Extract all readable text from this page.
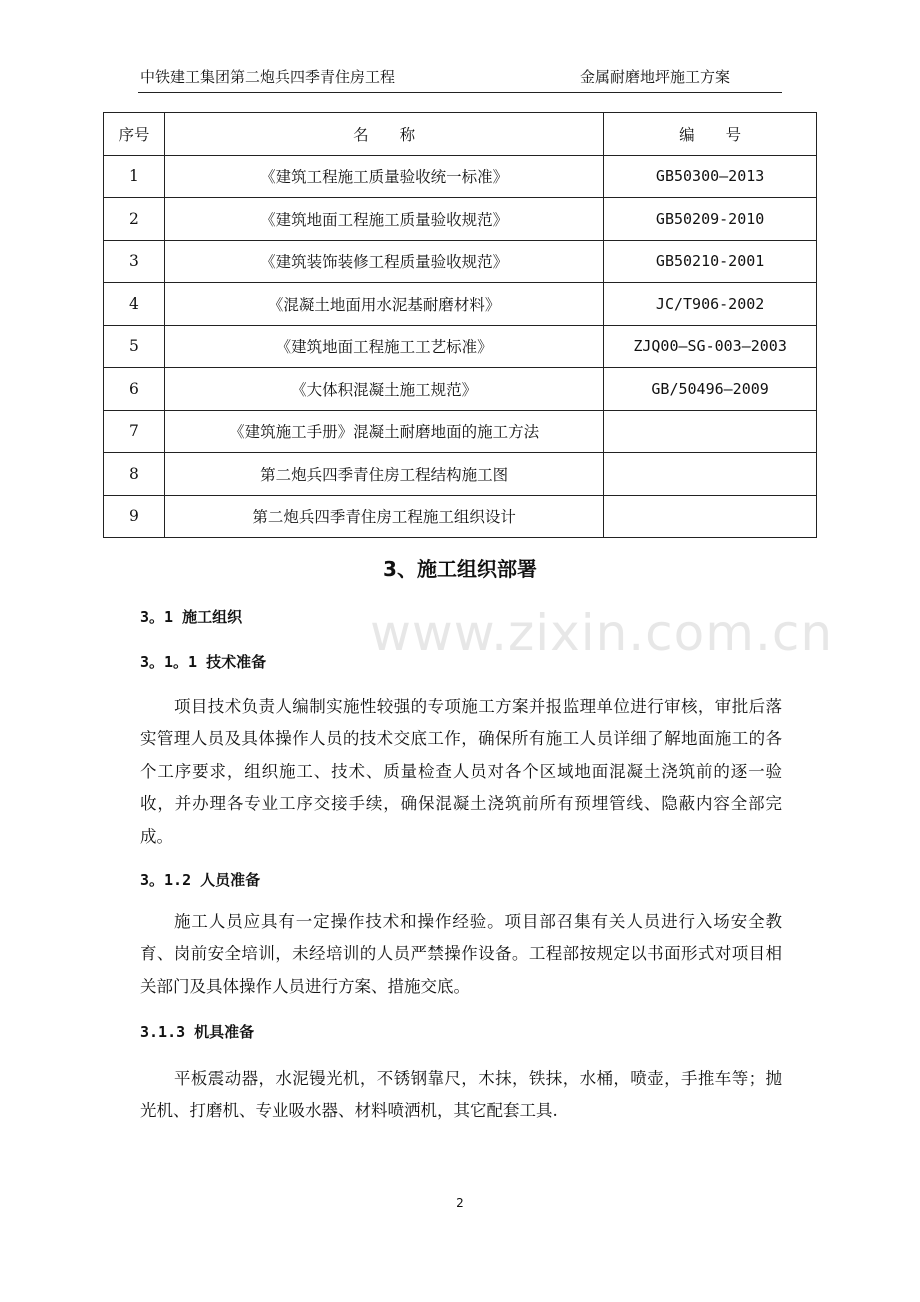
中铁建工集团第二炮兵四季青住房工程	金属耐磨地坪施工方案
序号	名　　称	编　　号
1	《建筑工程施工质量验收统一标准》	GB50300—2013
2	《建筑地面工程施工质量验收规范》	GB50209-2010
3	《建筑装饰装修工程质量验收规范》	GB50210-2001
4	《混凝土地面用水泥基耐磨材料》	JC/T906-2002
5	《建筑地面工程施工工艺标准》	ZJQ00—SG-003—2003
6	《大体积混凝土施工规范》	GB/50496—2009
7	《建筑施工手册》混凝土耐磨地面的施工方法	
8	第二炮兵四季青住房工程结构施工图	
9	第二炮兵四季青住房工程施工组织设计	
3、施工组织部署
www.zixin.com.cn
3。1 施工组织
3。1。1 技术准备
项目技术负责人编制实施性较强的专项施工方案并报监理单位进行审核，审批后落实管理人员及具体操作人员的技术交底工作，确保所有施工人员详细了解地面施工的各个工序要求，组织施工、技术、质量检查人员对各个区域地面混凝土浇筑前的逐一验收，并办理各专业工序交接手续，确保混凝土浇筑前所有预埋管线、隐蔽内容全部完成。
3。1.2 人员准备
施工人员应具有一定操作技术和操作经验。项目部召集有关人员进行入场安全教育、岗前安全培训，未经培训的人员严禁操作设备。工程部按规定以书面形式对项目相关部门及具体操作人员进行方案、措施交底。
3.1.3 机具准备
平板震动器，水泥镘光机，不锈钢靠尺，木抹，铁抹，水桶，喷壶，手推车等；抛光机、打磨机、专业吸水器、材料喷洒机，其它配套工具.
2
